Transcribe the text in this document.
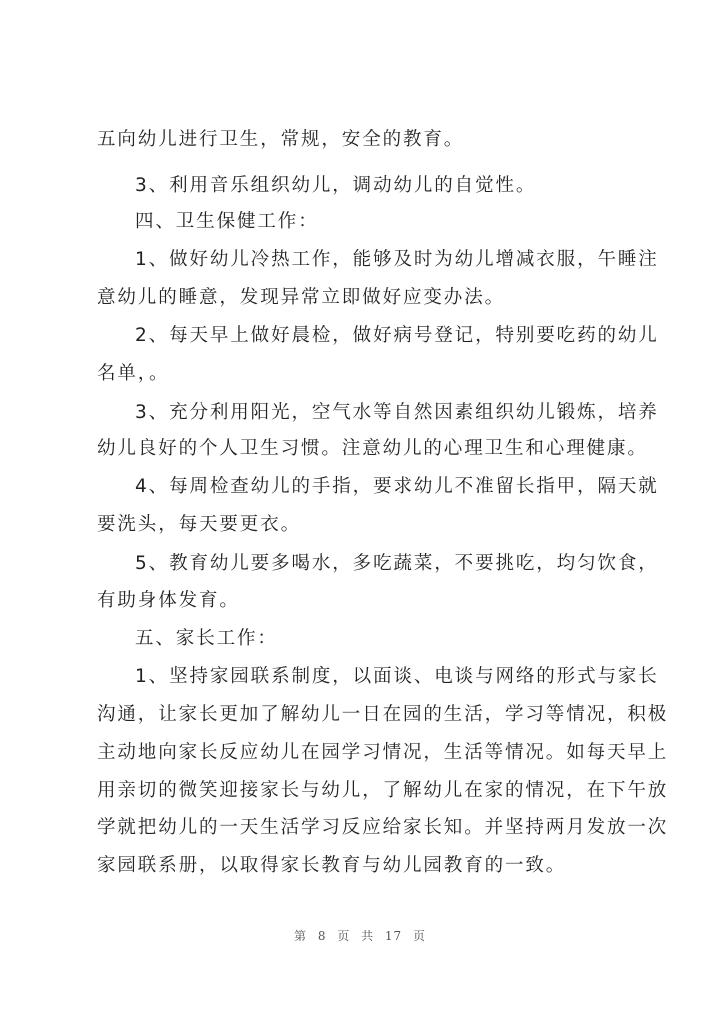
五向幼儿进行卫生，常规，安全的教育。
3、利用音乐组织幼儿，调动幼儿的自觉性。
四、卫生保健工作：
1、做好幼儿冷热工作，能够及时为幼儿增减衣服，午睡注
意幼儿的睡意，发现异常立即做好应变办法。
2、每天早上做好晨检，做好病号登记，特别要吃药的幼儿
名单，。
3、充分利用阳光，空气水等自然因素组织幼儿锻炼，培养
幼儿良好的个人卫生习惯。注意幼儿的心理卫生和心理健康。
4、每周检查幼儿的手指，要求幼儿不准留长指甲，隔天就
要洗头，每天要更衣。
5、教育幼儿要多喝水，多吃蔬菜，不要挑吃，均匀饮食，
有助身体发育。
五、家长工作：
1、坚持家园联系制度，以面谈、电谈与网络的形式与家长
沟通，让家长更加了解幼儿一日在园的生活，学习等情况，积极
主动地向家长反应幼儿在园学习情况，生活等情况。如每天早上
用亲切的微笑迎接家长与幼儿，了解幼儿在家的情况，在下午放
学就把幼儿的一天生活学习反应给家长知。并坚持两月发放一次
家园联系册，以取得家长教育与幼儿园教育的一致。
第 8 页 共 17 页
